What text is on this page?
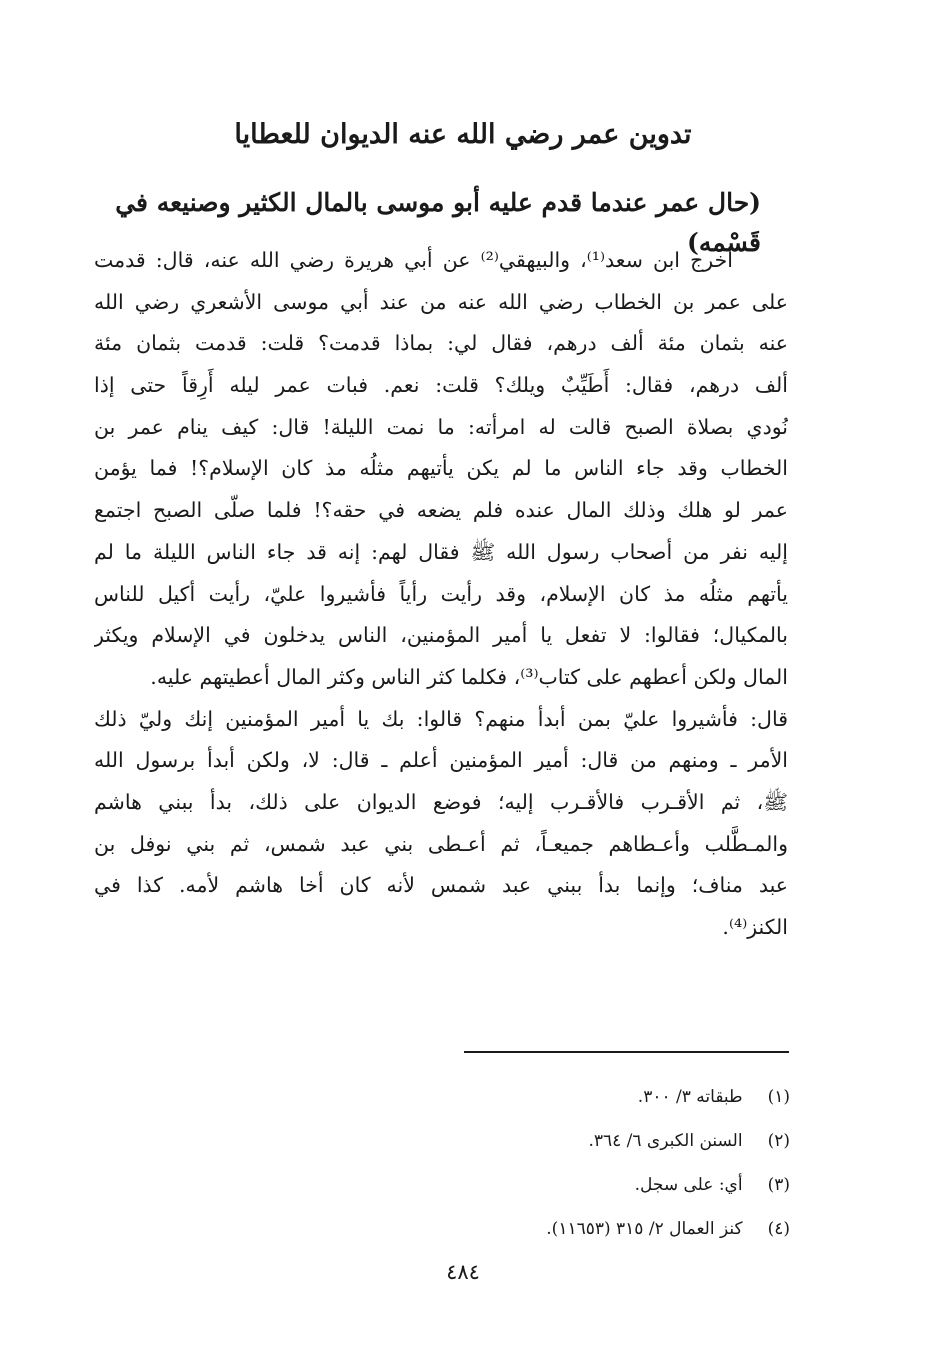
تدوين عمر رضي الله عنه الديوان للعطايا
(حال عمر عندما قدم عليه أبو موسى بالمال الكثير وصنيعه في قَسْمه)
أخرج ابن سعد⁽¹⁾، والبيهقي⁽²⁾ عن أبي هريرة رضي الله عنه، قال: قدمت
على عمر بن الخطاب رضي الله عنه من عند أبي موسى الأشعري رضي الله
عنه بثمان مئة ألف درهم، فقال لي: بماذا قدمت؟ قلت: قدمت بثمان مئة
ألف درهم، فقال: أَطَيِّبٌ ويلك؟ قلت: نعم. فبات عمر ليله أَرِقاً حتى إذا
نُودي بصلاة الصبح قالت له امرأته: ما نمت الليلة! قال: كيف ينام عمر بن
الخطاب وقد جاء الناس ما لم يكن يأتيهم مثلُه مذ كان الإسلام؟! فما يؤمن
عمر لو هلك وذلك المال عنده فلم يضعه في حقه؟! فلما صلّى الصبح اجتمع
إليه نفر من أصحاب رسول الله ﷺ فقال لهم: إنه قد جاء الناس الليلة ما لم
يأتهم مثلُه مذ كان الإسلام، وقد رأيت رأياً فأشيروا عليّ، رأيت أكيل للناس
بالمكيال؛ فقالوا: لا تفعل يا أمير المؤمنين، الناس يدخلون في الإسلام ويكثر
المال ولكن أعطهم على كتاب⁽³⁾، فكلما كثر الناس وكثر المال أعطيتهم عليه.
قال: فأشيروا عليّ بمن أبدأ منهم؟ قالوا: بك يا أمير المؤمنين إنك وليّ ذلك
الأمر ـ ومنهم من قال: أمير المؤمنين أعلم ـ قال: لا، ولكن أبدأ برسول الله
ﷺ، ثم الأقـرب فالأقـرب إليه؛ فوضع الديوان على ذلك، بدأ ببني هاشم
والمـطَّلب وأعـطاهم جميعـاً، ثم أعـطى بني عبد شمس، ثم بني نوفل بن
عبد مناف؛ وإنما بدأ ببني عبد شمس لأنه كان أخا هاشم لأمه. كذا في
الكنز⁽⁴⁾.
(١) طبقاته ٣/ ٣٠٠.
(٢) السنن الكبرى ٦/ ٣٦٤.
(٣) أي: على سجل.
(٤) كنز العمال ٢/ ٣١٥ (١١٦٥٣).
٤٨٤
